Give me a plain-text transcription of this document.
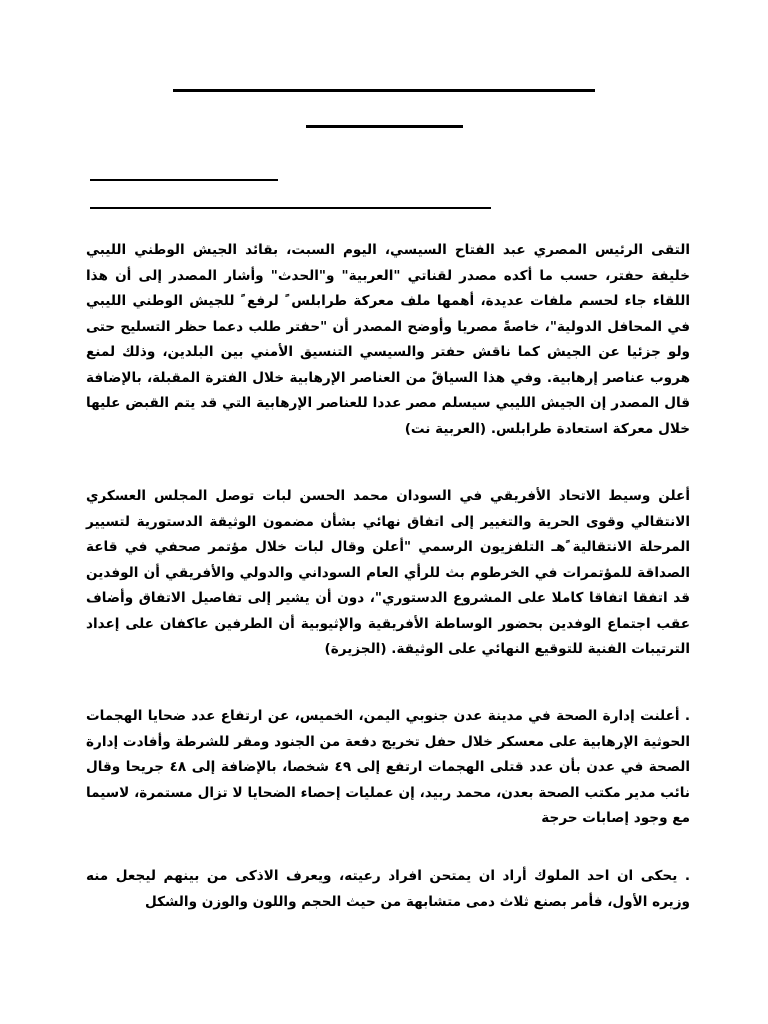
التقى الرئيس المصري عبد الفتاح السيسي، اليوم السبت، بقائد الجيش الوطني الليبي خليفة حفتر، حسب ما أكده مصدر لقناتي "العربية" و"الحدث" وأشار المصدر إلى أن هذا اللقاء جاء لحسم ملفات عديدة، أهمها ملف معركة طرابلس ً لرفع ً للجيش الوطني الليبي في المحافل الدولية"، خاصةً مصريا وأوضح المصدر أن "حفتر طلب دعما حظر التسليح حتى ولو جزئيا عن الجيش كما ناقش حفتر والسيسي التنسيق الأمني بين البلدين، وذلك لمنع هروب عناصر إرهابية. وفي هذا السياقً من العناصر الإرهابية خلال الفترة المقبلة، بالإضافة قال المصدر إن الجيش الليبي سيسلم مصر عددا للعناصر الإرهابية التي قد يتم القبض عليها خلال معركة استعادة طرابلس. (العربية نت)

أعلن وسيط الاتحاد الأفريقي في السودان محمد الحسن لبات توصل المجلس العسكري الانتقالي وقوى الحرية والتغيير إلى اتفاق نهائي بشأن مضمون الوثيقة الدستورية لتسيير المرحلة الانتقالية ًهـ التلفزيون الرسمي "أعلن وقال لبات خلال مؤتمر صحفي في قاعة الصداقة للمؤتمرات في الخرطوم بث للرأي العام السوداني والدولي والأفريقي أن الوفدين قد اتفقا اتفاقا كاملا على المشروع الدستوري"، دون أن يشير إلى تفاصيل الاتفاق وأضاف عقب اجتماع الوفدين بحضور الوساطة الأفريقية والإثيوبية أن الطرفين عاكفان على إعداد الترتيبات الفنية للتوقيع النهائي على الوثيقة. (الجزيرة)

. أعلنت إدارة الصحة في مدينة عدن جنوبي اليمن، الخميس، عن ارتفاع عدد ضحايا الهجمات الحوثية الإرهابية على معسكر خلال حفل تخريج دفعة من الجنود ومقر للشرطة وأفادت إدارة الصحة في عدن بأن عدد قتلى الهجمات ارتفع إلى ٤٩ شخصا، بالإضافة إلى ٤٨ جريحا وقال نائب مدير مكتب الصحة بعدن، محمد ربيد، إن عمليات إحصاء الضحايا لا تزال مستمرة، لاسيما مع وجود إصابات حرجة

. يحكى ان احد الملوك أراد ان يمتحن افراد رعيته، ويعرف الاذكى من بينهم ليجعل منه وزيره الأول، فأمر بصنع ثلاث دمى متشابهة من حيث الحجم واللون والوزن والشكل
